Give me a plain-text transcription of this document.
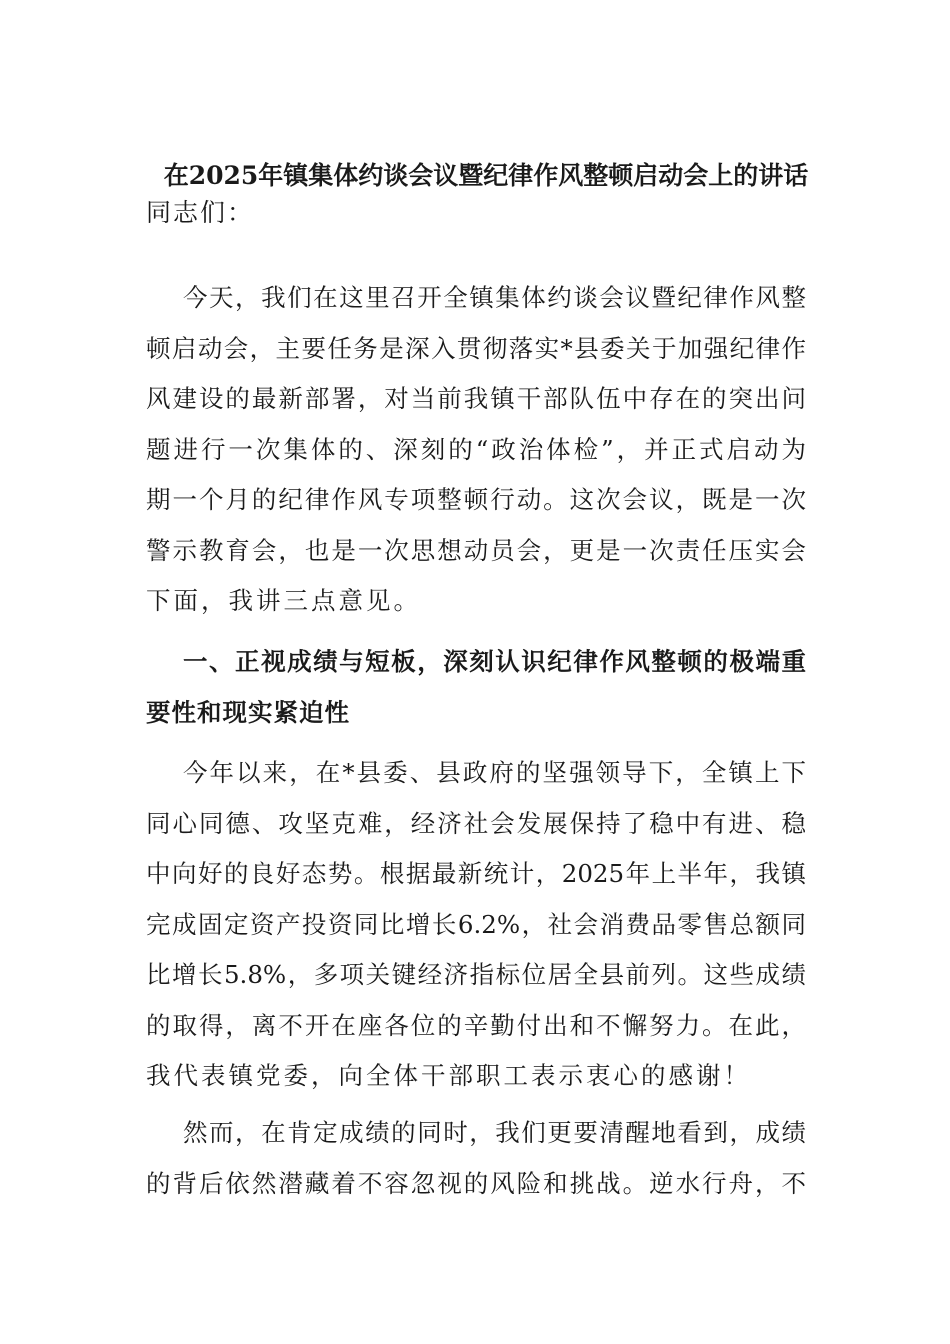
在2025年镇集体约谈会议暨纪律作风整顿启动会上的讲话
同志们：
今天，我们在这里召开全镇集体约谈会议暨纪律作风整
顿启动会，主要任务是深入贯彻落实*县委关于加强纪律作
风建设的最新部署，对当前我镇干部队伍中存在的突出问
题进行一次集体的、深刻的“政治体检”，并正式启动为
期一个月的纪律作风专项整顿行动。这次会议，既是一次
警示教育会，也是一次思想动员会，更是一次责任压实会
下面，我讲三点意见。
一、正视成绩与短板，深刻认识纪律作风整顿的极端重
要性和现实紧迫性
今年以来，在*县委、县政府的坚强领导下，全镇上下
同心同德、攻坚克难，经济社会发展保持了稳中有进、稳
中向好的良好态势。根据最新统计，2025年上半年，我镇
完成固定资产投资同比增长6.2%，社会消费品零售总额同
比增长5.8%，多项关键经济指标位居全县前列。这些成绩
的取得，离不开在座各位的辛勤付出和不懈努力。在此，
我代表镇党委，向全体干部职工表示衷心的感谢！
然而，在肯定成绩的同时，我们更要清醒地看到，成绩
的背后依然潜藏着不容忽视的风险和挑战。逆水行舟，不
